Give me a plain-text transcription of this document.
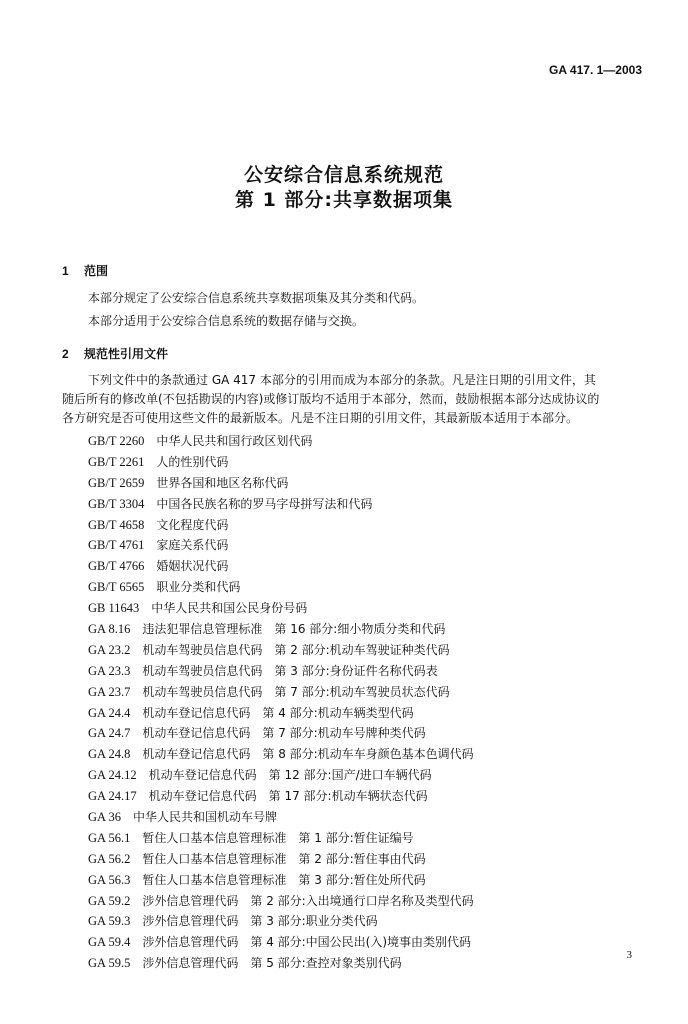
GA 417. 1—2003
公安综合信息系统规范
第 1 部分:共享数据项集
1 范围
本部分规定了公安综合信息系统共享数据项集及其分类和代码。
本部分适用于公安综合信息系统的数据存储与交换。
2 规范性引用文件
下列文件中的条款通过 GA 417 本部分的引用而成为本部分的条款。凡是注日期的引用文件，其
随后所有的修改单(不包括勘误的内容)或修订版均不适用于本部分，然而，鼓励根据本部分达成协议的
各方研究是否可使用这些文件的最新版本。凡是不注日期的引用文件，其最新版本适用于本部分。
GB/T 2260 中华人民共和国行政区划代码
GB/T 2261 人的性别代码
GB/T 2659 世界各国和地区名称代码
GB/T 3304 中国各民族名称的罗马字母拼写法和代码
GB/T 4658 文化程度代码
GB/T 4761 家庭关系代码
GB/T 4766 婚姻状况代码
GB/T 6565 职业分类和代码
GB 11643 中华人民共和国公民身份号码
GA 8.16 违法犯罪信息管理标准　第 16 部分:细小物质分类和代码
GA 23.2 机动车驾驶员信息代码　第 2 部分:机动车驾驶证种类代码
GA 23.3 机动车驾驶员信息代码　第 3 部分:身份证件名称代码表
GA 23.7 机动车驾驶员信息代码　第 7 部分:机动车驾驶员状态代码
GA 24.4 机动车登记信息代码　第 4 部分:机动车辆类型代码
GA 24.7 机动车登记信息代码　第 7 部分:机动车号牌种类代码
GA 24.8 机动车登记信息代码　第 8 部分:机动车车身颜色基本色调代码
GA 24.12 机动车登记信息代码　第 12 部分:国产/进口车辆代码
GA 24.17 机动车登记信息代码　第 17 部分:机动车辆状态代码
GA 36 中华人民共和国机动车号牌
GA 56.1 暂住人口基本信息管理标准　第 1 部分:暂住证编号
GA 56.2 暂住人口基本信息管理标准　第 2 部分:暂住事由代码
GA 56.3 暂住人口基本信息管理标准　第 3 部分:暂住处所代码
GA 59.2 涉外信息管理代码　第 2 部分:入出境通行口岸名称及类型代码
GA 59.3 涉外信息管理代码　第 3 部分:职业分类代码
GA 59.4 涉外信息管理代码　第 4 部分:中国公民出(入)境事由类别代码
GA 59.5 涉外信息管理代码　第 5 部分:查控对象类别代码
3
